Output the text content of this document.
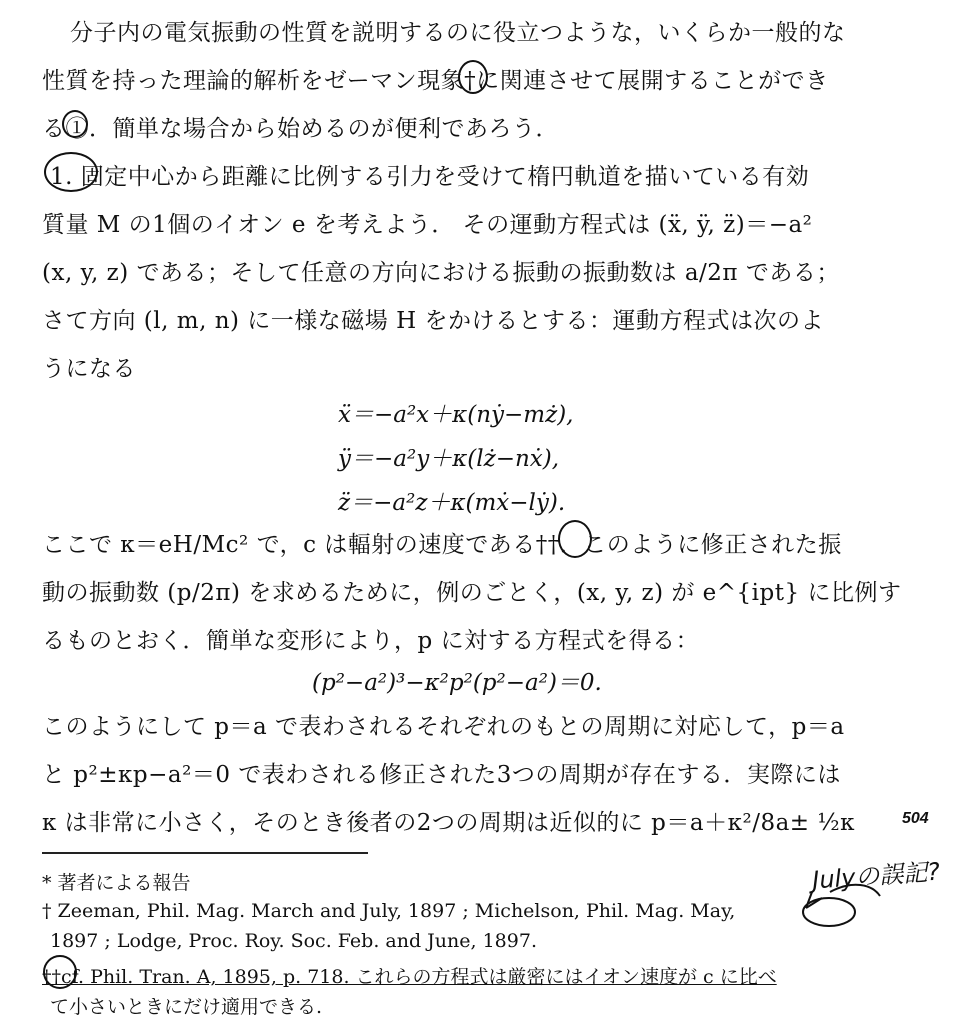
分子内の電気振動の性質を説明するのに役立つような，いくらか一般的な
性質を持った理論的解析をゼーマン現象†に関連させて展開することができ
る①．簡単な場合から始めるのが便利であろう．
1. 固定中心から距離に比例する引力を受けて楕円軌道を描いている有効
質量 M の1個のイオン e を考えよう． その運動方程式は (ẍ, ÿ, z̈)＝−a²
(x, y, z) である；そして任意の方向における振動の振動数は a/2π である；
さて方向 (l, m, n) に一様な磁場 H をかけるとする：運動方程式は次のよ
うになる
ẍ＝−a²x＋κ(nẏ−mż),
ÿ＝−a²y＋κ(lż−nẋ),
z̈＝−a²z＋κ(mẋ−lẏ).
ここで κ＝eH/Mc² で，c は輻射の速度である††．このように修正された振
動の振動数 (p/2π) を求めるために，例のごとく，(x, y, z) が e^{ipt} に比例す
るものとおく．簡単な変形により，p に対する方程式を得る：
(p²−a²)³−κ²p²(p²−a²)＝0.
このようにして p＝a で表わされるそれぞれのもとの周期に対応して，p＝a
と p²±κp−a²＝0 で表わされる修正された3つの周期が存在する．実際には
κ は非常に小さく，そのとき後者の2つの周期は近似的に p＝a＋κ²/8a± ½κ	504
Julyの誤記?
* 著者による報告
† Zeeman, Phil. Mag. March and July, 1897 ; Michelson, Phil. Mag. May,
1897 ; Lodge, Proc. Roy. Soc. Feb. and June, 1897.
††cf. Phil. Tran. A, 1895, p. 718. これらの方程式は厳密にはイオン速度が c に比べ
て小さいときにだけ適用できる.
